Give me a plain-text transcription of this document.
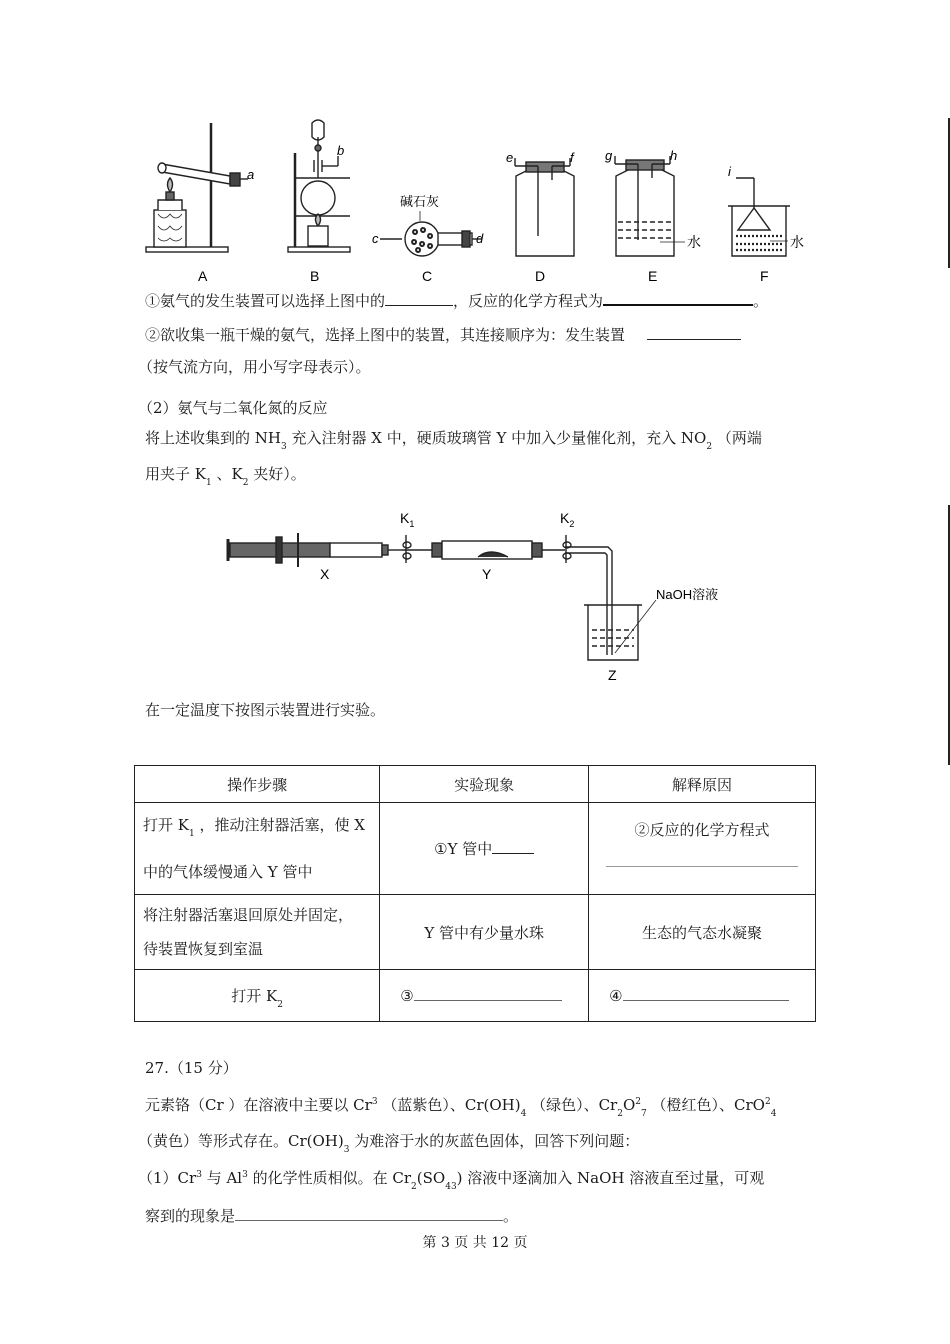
a
b
c	d
e	f g	h
i
碱石灰
水	水
A	B	C	D	E	F
①氨气的发生装置可以选择上图中的	，反应的化学方程式为	。
②欲收集一瓶干燥的氨气，选择上图中的装置，其连接顺序为：发生装置
（按气流方向，用小写字母表示）。
（2）氨气与二氧化氮的反应
将上述收集到的 $NH_3$ 充入注射器 X 中，硬质玻璃管 Y 中加入少量催化剂，充入 $NO_2$ （两端
用夹子 $K_1$ 、$K_2$ 夹好）。
$K_1$	$K_2$
X	Y
Z
NaOH溶液
在一定温度下按图示装置进行实验。
操作步骤	实验现象	解释原因

打开 $K_1$ ，推动注射器活塞，使 X
中的气体缓慢通入 Y 管中	①Y 管中	②反应的化学方程式

将注射器活塞退回原处并固定，
待装置恢复到室温	Y 管中有少量水珠	生态的气态水凝聚
打开 $K_2$	③	④
27.（15 分）
元素铬（Cr ）在溶液中主要以 Cr$^3$ （蓝紫色）、$Cr(OH)_4$ （绿色）、$Cr_2O^2_7$ （橙红色）、CrO$^2_4$
（黄色）等形式存在。$Cr(OH)_3$ 为难溶于水的灰蓝色固体，回答下列问题：
（1）Cr$^3$ 与 Al$^3$ 的化学性质相似。在 $Cr_2(SO_{43})$ 溶液中逐滴加入 NaOH 溶液直至过量，可观
察到的现象是	。
第 3 页 共 12 页
